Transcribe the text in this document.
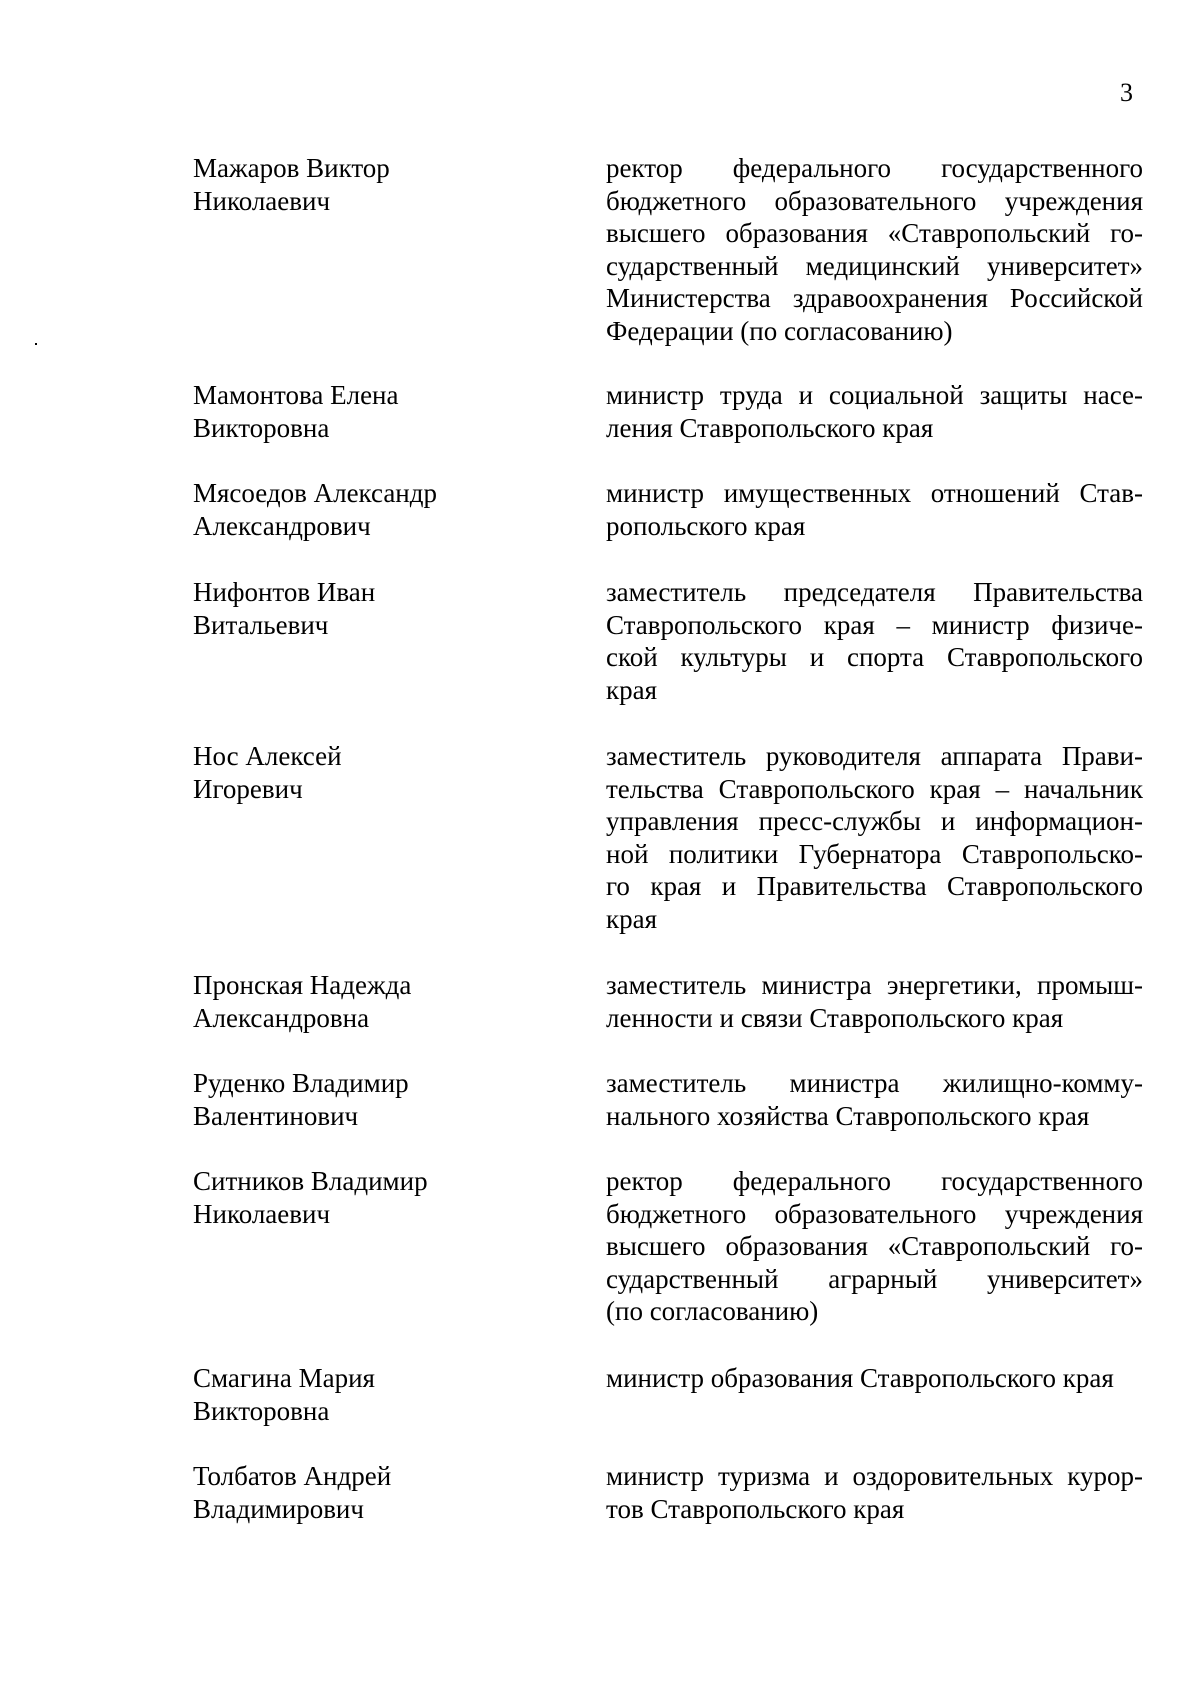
3
Мажаров Виктор
Николаевич
ректор федерального государственного
бюджетного образовательного учреждения
высшего образования «Ставропольский го-
сударственный медицинский университет»
Министерства здравоохранения Российской
Федерации (по согласованию)
Мамонтова Елена
Викторовна
министр труда и социальной защиты насе-
ления Ставропольского края
Мясоедов Александр
Александрович
министр имущественных отношений Став-
ропольского края
Нифонтов Иван
Витальевич
заместитель председателя Правительства
Ставропольского края – министр физиче-
ской культуры и спорта Ставропольского
края
Нос Алексей
Игоревич
заместитель руководителя аппарата Прави-
тельства Ставропольского края – начальник
управления пресс-службы и информацион-
ной политики Губернатора Ставропольско-
го края и Правительства Ставропольского
края
Пронская Надежда
Александровна
заместитель министра энергетики, промыш-
ленности и связи Ставропольского края
Руденко Владимир
Валентинович
заместитель министра жилищно-комму-
нального хозяйства Ставропольского края
Ситников Владимир
Николаевич
ректор федерального государственного
бюджетного образовательного учреждения
высшего образования «Ставропольский го-
сударственный аграрный университет»
(по согласованию)
Смагина Мария
Викторовна
министр образования Ставропольского края
Толбатов Андрей
Владимирович
министр туризма и оздоровительных курор-
тов Ставропольского края
